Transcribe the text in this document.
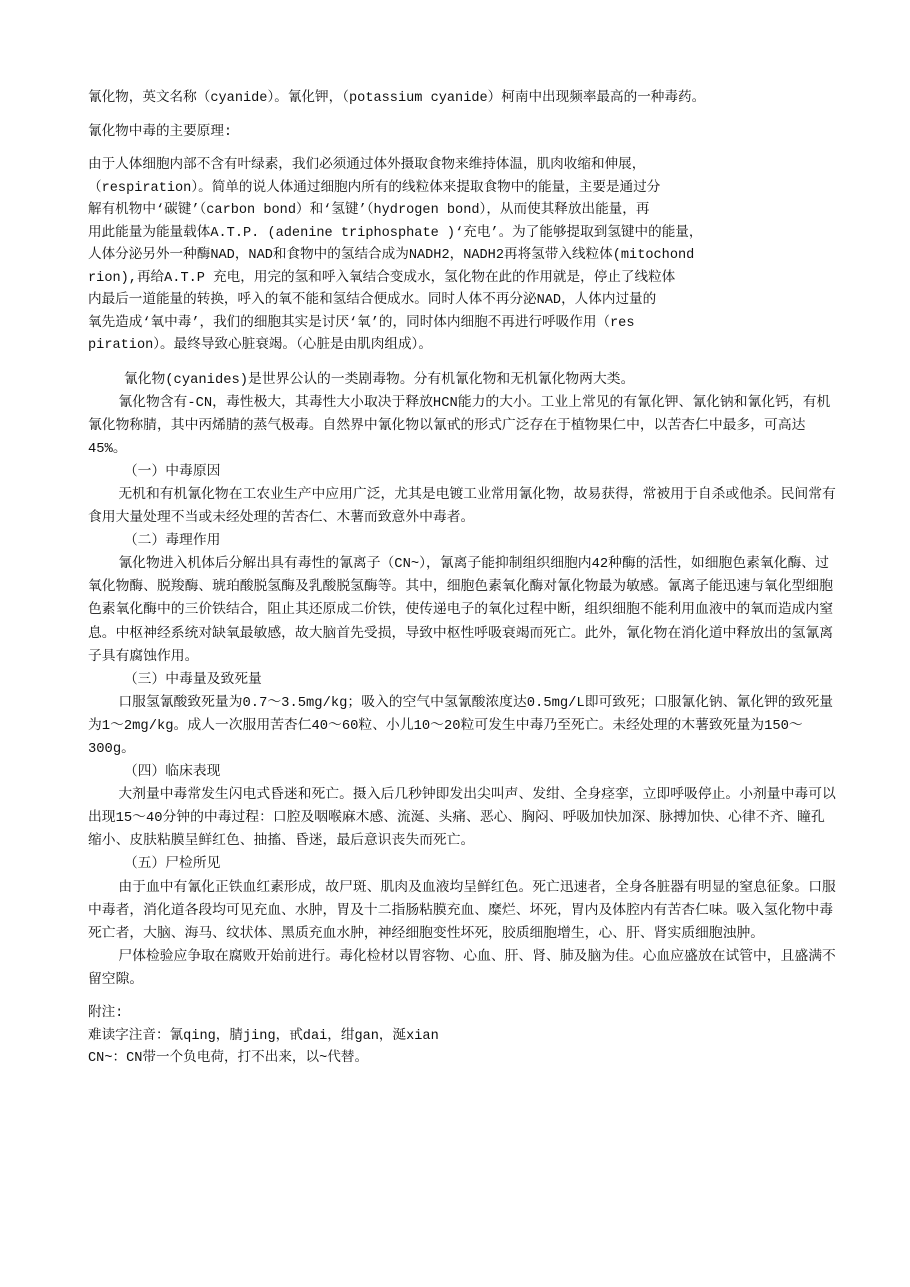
氰化物，英文名称（cyanide）。氰化钾，（potassium cyanide）柯南中出现频率最高的一种毒药。

氰化物中毒的主要原理:

由于人体细胞内部不含有叶绿素，我们必须通过体外摄取食物来维持体温，肌肉收缩和伸展，
（respiration）。简单的说人体通过细胞内所有的线粒体来提取食物中的能量，主要是通过分
解有机物中‘碳键’（carbon bond）和‘氢键’（hydrogen bond），从而使其释放出能量，再
用此能量为能量载体A.T.P. (adenine triphosphate )‘充电’。为了能够提取到氢键中的能量，
人体分泌另外一种酶NAD，NAD和食物中的氢结合成为NADH2，NADH2再将氢带入线粒体(mitochond
rion),再给A.T.P 充电，用完的氢和呼入氧结合变成水，氢化物在此的作用就是，停止了线粒体
内最后一道能量的转换，呼入的氧不能和氢结合便成水。同时人体不再分泌NAD，人体内过量的
氧先造成‘氧中毒’，我们的细胞其实是讨厌‘氧’的，同时体内细胞不再进行呼吸作用（res
piration）。最终导致心脏衰竭。（心脏是由肌肉组成）。

氰化物(cyanides)是世界公认的一类剧毒物。分有机氰化物和无机氰化物两大类。

氰化物含有-CN，毒性极大，其毒性大小取决于释放HCN能力的大小。工业上常见的有氰化钾、氰化钠和氰化钙，有机氰化物称腈，其中丙烯腈的蒸气极毒。自然界中氰化物以氰甙的形式广泛存在于植物果仁中，以苦杏仁中最多，可高达45%。

（一）中毒原因

无机和有机氰化物在工农业生产中应用广泛，尤其是电镀工业常用氰化物，故易获得，常被用于自杀或他杀。民间常有食用大量处理不当或未经处理的苦杏仁、木薯而致意外中毒者。

（二）毒理作用

氰化物进入机体后分解出具有毒性的氰离子（CN~），氰离子能抑制组织细胞内42种酶的活性，如细胞色素氧化酶、过氧化物酶、脱羧酶、琥珀酸脱氢酶及乳酸脱氢酶等。其中，细胞色素氧化酶对氰化物最为敏感。氰离子能迅速与氧化型细胞色素氧化酶中的三价铁结合，阻止其还原成二价铁，使传递电子的氧化过程中断，组织细胞不能利用血液中的氧而造成内窒息。中枢神经系统对缺氧最敏感，故大脑首先受损，导致中枢性呼吸衰竭而死亡。此外，氰化物在消化道中释放出的氢氰离子具有腐蚀作用。

（三）中毒量及致死量

口服氢氰酸致死量为0.7～3.5mg/kg；吸入的空气中氢氰酸浓度达0.5mg/L即可致死；口服氰化钠、氰化钾的致死量为1～2mg/kg。成人一次服用苦杏仁40～60粒、小儿10～20粒可发生中毒乃至死亡。未经处理的木薯致死量为150～300g。

（四）临床表现

大剂量中毒常发生闪电式昏迷和死亡。摄入后几秒钟即发出尖叫声、发绀、全身痉挛，立即呼吸停止。小剂量中毒可以出现15～40分钟的中毒过程：口腔及咽喉麻木感、流涎、头痛、恶心、胸闷、呼吸加快加深、脉搏加快、心律不齐、瞳孔缩小、皮肤粘膜呈鲜红色、抽搐、昏迷，最后意识丧失而死亡。

（五）尸检所见

由于血中有氰化正铁血红素形成，故尸斑、肌肉及血液均呈鲜红色。死亡迅速者，全身各脏器有明显的窒息征象。口服中毒者，消化道各段均可见充血、水肿，胃及十二指肠粘膜充血、糜烂、坏死，胃内及体腔内有苦杏仁味。吸入氢化物中毒死亡者，大脑、海马、纹状体、黑质充血水肿，神经细胞变性坏死，胶质细胞增生，心、肝、肾实质细胞浊肿。

尸体检验应争取在腐败开始前进行。毒化检材以胃容物、心血、肝、肾、肺及脑为佳。心血应盛放在试管中，且盛满不留空隙。

附注:

难读字注音：氰qing，腈jing，甙dai，绀gan，涎xian

CN~：CN带一个负电荷，打不出来，以~代替。
